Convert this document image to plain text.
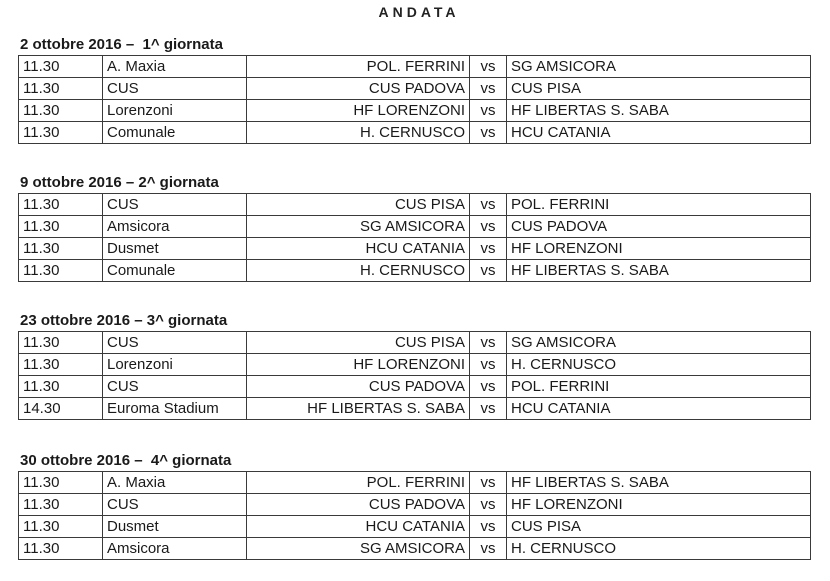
ANDATA
2 ottobre 2016 –  1^ giornata
11.30	A. Maxia	POL. FERRINI	vs	SG AMSICORA
11.30	CUS	CUS PADOVA	vs	CUS PISA
11.30	Lorenzoni	HF LORENZONI	vs	HF LIBERTAS S. SABA
11.30	Comunale	H. CERNUSCO	vs	HCU CATANIA
9 ottobre 2016 – 2^ giornata
11.30	CUS	CUS PISA	vs	POL. FERRINI
11.30	Amsicora	SG AMSICORA	vs	CUS PADOVA
11.30	Dusmet	HCU CATANIA	vs	HF LORENZONI
11.30	Comunale	H. CERNUSCO	vs	HF LIBERTAS S. SABA
23 ottobre 2016 – 3^ giornata
11.30	CUS	CUS PISA	vs	SG AMSICORA
11.30	Lorenzoni	HF LORENZONI	vs	H. CERNUSCO
11.30	CUS	CUS PADOVA	vs	POL. FERRINI
14.30	Euroma Stadium	HF LIBERTAS S. SABA	vs	HCU CATANIA
30 ottobre 2016 –  4^ giornata
11.30	A. Maxia	POL. FERRINI	vs	HF LIBERTAS S. SABA
11.30	CUS	CUS PADOVA	vs	HF LORENZONI
11.30	Dusmet	HCU CATANIA	vs	CUS PISA
11.30	Amsicora	SG AMSICORA	vs	H. CERNUSCO
